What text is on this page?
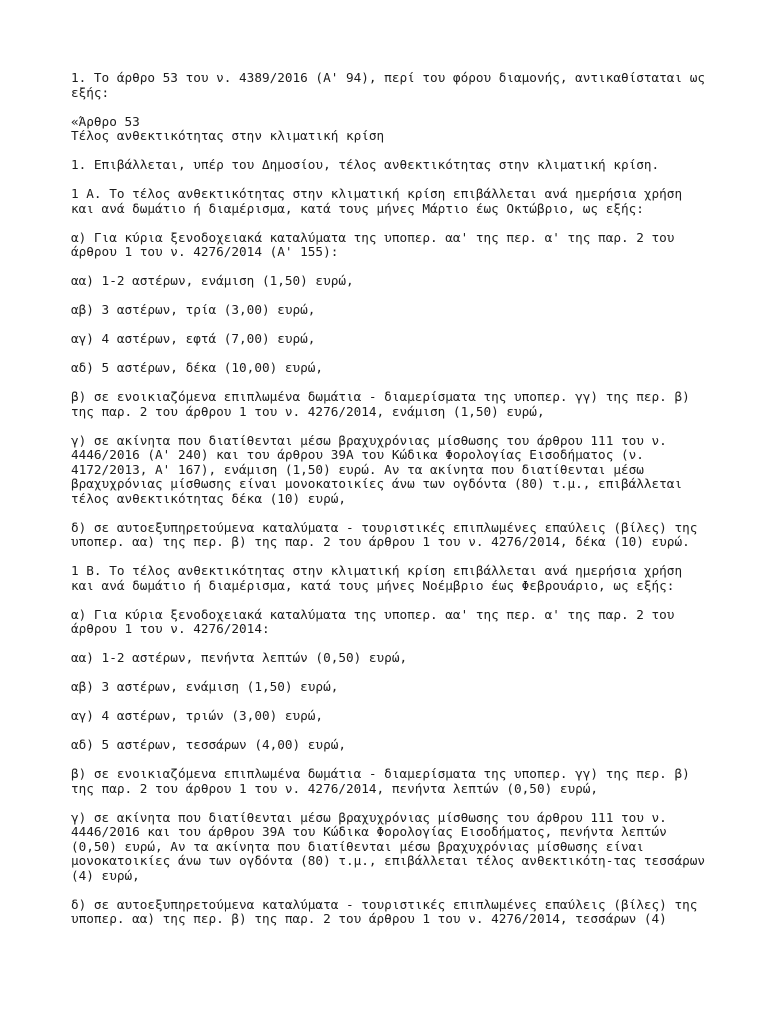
1. Το άρθρο 53 του ν. 4389/2016 (Α' 94), περί του φόρου διαμονής, αντικαθίσταται ως
εξής:
«Άρθρο 53
Τέλος ανθεκτικότητας στην κλιματική κρίση
1. Επιβάλλεται, υπέρ του Δημοσίου, τέλος ανθεκτικότητας στην κλιματική κρίση.
1 Α. Το τέλος ανθεκτικότητας στην κλιματική κρίση επιβάλλεται ανά ημερήσια χρήση
και ανά δωμάτιο ή διαμέρισμα, κατά τους μήνες Μάρτιο έως Οκτώβριο, ως εξής:
α) Για κύρια ξενοδοχειακά καταλύματα της υποπερ. αα' της περ. α' της παρ. 2 του
άρθρου 1 του ν. 4276/2014 (Α' 155):
αα) 1-2 αστέρων, ενάμιση (1,50) ευρώ,
αβ) 3 αστέρων, τρία (3,00) ευρώ,
αγ) 4 αστέρων, εφτά (7,00) ευρώ,
αδ) 5 αστέρων, δέκα (10,00) ευρώ,
β) σε ενοικιαζόμενα επιπλωμένα δωμάτια - διαμερίσματα της υποπερ. γγ) της περ. β)
της παρ. 2 του άρθρου 1 του ν. 4276/2014, ενάμιση (1,50) ευρώ,
γ) σε ακίνητα που διατίθενται μέσω βραχυχρόνιας μίσθωσης του άρθρου 111 του ν.
4446/2016 (Α' 240) και του άρθρου 39Α του Κώδικα Φορολογίας Εισοδήματος (ν.
4172/2013, Α' 167), ενάμιση (1,50) ευρώ. Αν τα ακίνητα που διατίθενται μέσω
βραχυχρόνιας μίσθωσης είναι μονοκατοικίες άνω των ογδόντα (80) τ.μ., επιβάλλεται
τέλος ανθεκτικότητας δέκα (10) ευρώ,
δ) σε αυτοεξυπηρετούμενα καταλύματα - τουριστικές επιπλωμένες επαύλεις (βίλες) της
υποπερ. αα) της περ. β) της παρ. 2 του άρθρου 1 του ν. 4276/2014, δέκα (10) ευρώ.
1 Β. Το τέλος ανθεκτικότητας στην κλιματική κρίση επιβάλλεται ανά ημερήσια χρήση
και ανά δωμάτιο ή διαμέρισμα, κατά τους μήνες Νοέμβριο έως Φεβρουάριο, ως εξής:
α) Για κύρια ξενοδοχειακά καταλύματα της υποπερ. αα' της περ. α' της παρ. 2 του
άρθρου 1 του ν. 4276/2014:
αα) 1-2 αστέρων, πενήντα λεπτών (0,50) ευρώ,
αβ) 3 αστέρων, ενάμιση (1,50) ευρώ,
αγ) 4 αστέρων, τριών (3,00) ευρώ,
αδ) 5 αστέρων, τεσσάρων (4,00) ευρώ,
β) σε ενοικιαζόμενα επιπλωμένα δωμάτια - διαμερίσματα της υποπερ. γγ) της περ. β)
της παρ. 2 του άρθρου 1 του ν. 4276/2014, πενήντα λεπτών (0,50) ευρώ,
γ) σε ακίνητα που διατίθενται μέσω βραχυχρόνιας μίσθωσης του άρθρου 111 του ν.
4446/2016 και του άρθρου 39Α του Κώδικα Φορολογίας Εισοδήματος, πενήντα λεπτών
(0,50) ευρώ, Αν τα ακίνητα που διατίθενται μέσω βραχυχρόνιας μίσθωσης είναι
μονοκατοικίες άνω των ογδόντα (80) τ.μ., επιβάλλεται τέλος ανθεκτικότη-τας τεσσάρων
(4) ευρώ,
δ) σε αυτοεξυπηρετούμενα καταλύματα - τουριστικές επιπλωμένες επαύλεις (βίλες) της
υποπερ. αα) της περ. β) της παρ. 2 του άρθρου 1 του ν. 4276/2014, τεσσάρων (4)
